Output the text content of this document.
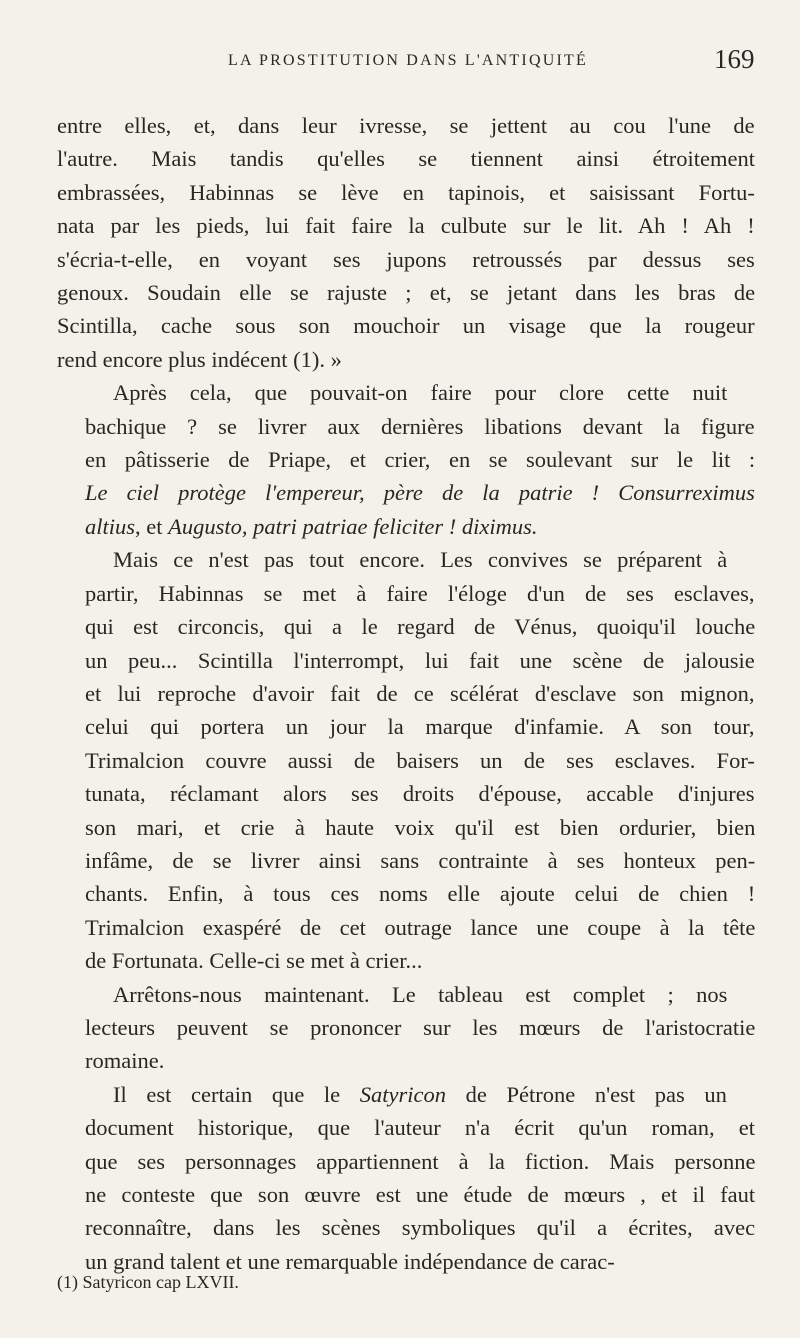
LA PROSTITUTION DANS L'ANTIQUITÉ	169
entre elles, et, dans leur ivresse, se jettent au cou l'une de
l'autre. Mais tandis qu'elles se tiennent ainsi étroitement
embrassées, Habinnas se lève en tapinois, et saisissant Fortu-
nata par les pieds, lui fait faire la culbute sur le lit. Ah ! Ah !
s'écria-t-elle, en voyant ses jupons retroussés par dessus ses
genoux. Soudain elle se rajuste ; et, se jetant dans les bras de
Scintilla, cache sous son mouchoir un visage que la rougeur
rend encore plus indécent (1). »
Après cela, que pouvait-on faire pour clore cette nuit
bachique ? se livrer aux dernières libations devant la figure
en pâtisserie de Priape, et crier, en se soulevant sur le lit :
Le ciel protège l'empereur, père de la patrie ! Consurreximus
altius, et Augusto, patri patriae feliciter ! diximus.
Mais ce n'est pas tout encore. Les convives se préparent à
partir, Habinnas se met à faire l'éloge d'un de ses esclaves,
qui est circoncis, qui a le regard de Vénus, quoiqu'il louche
un peu... Scintilla l'interrompt, lui fait une scène de jalousie
et lui reproche d'avoir fait de ce scélérat d'esclave son mignon,
celui qui portera un jour la marque d'infamie. A son tour,
Trimalcion couvre aussi de baisers un de ses esclaves. For-
tunata, réclamant alors ses droits d'épouse, accable d'injures
son mari, et crie à haute voix qu'il est bien ordurier, bien
infâme, de se livrer ainsi sans contrainte à ses honteux pen-
chants. Enfin, à tous ces noms elle ajoute celui de chien !
Trimalcion exaspéré de cet outrage lance une coupe à la tête
de Fortunata. Celle-ci se met à crier...
Arrêtons-nous maintenant. Le tableau est complet ; nos
lecteurs peuvent se prononcer sur les mœurs de l'aristocratie
romaine.
Il est certain que le Satyricon de Pétrone n'est pas un
document historique, que l'auteur n'a écrit qu'un roman, et
que ses personnages appartiennent à la fiction. Mais personne
ne conteste que son œuvre est une étude de mœurs , et il faut
reconnaître, dans les scènes symboliques qu'il a écrites, avec
un grand talent et une remarquable indépendance de carac-
(1) Satyricon cap LXVII.
